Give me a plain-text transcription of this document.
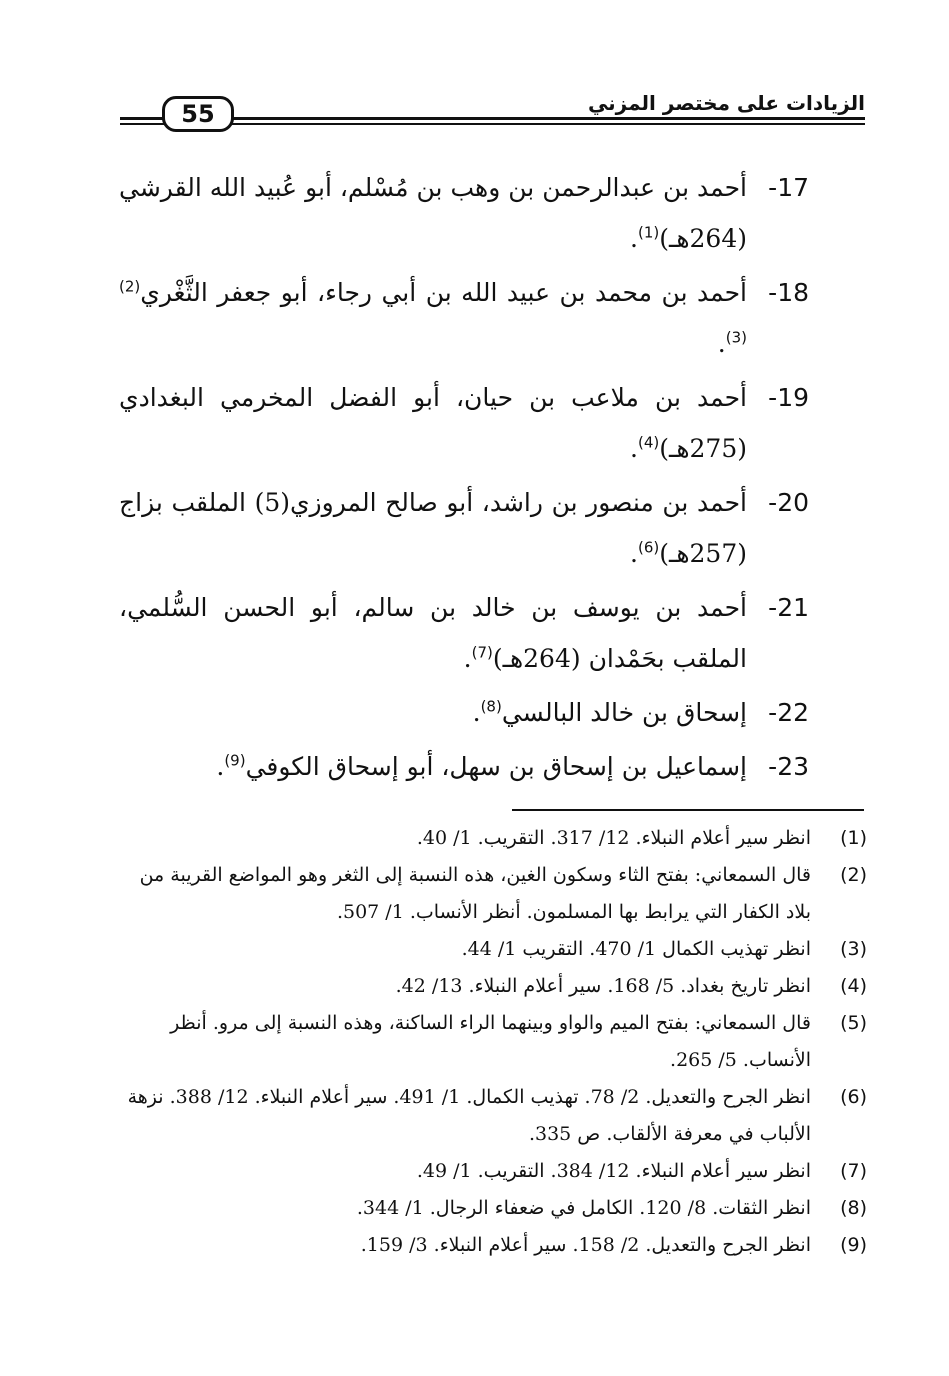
55	الزيادات على مختصر المزني
17-
أحمد بن عبدالرحمن بن وهب بن مُسْلم، أبو عُبيد الله القرشي (264هـ)$^{(1)}$.
18-
أحمد بن محمد بن عبيد الله بن أبي رجاء، أبو جعفر الثَّغْري$^{(2)(3)}$.
19-
أحمد بن ملاعب بن حيان، أبو الفضل المخرمي البغدادي (275هـ)$^{(4)}$.
20-
أحمد بن منصور بن راشد، أبو صالح المروزي(5) الملقب بزاج (257هـ)$^{(6)}$.
21-
أحمد بن يوسف بن خالد بن سالم، أبو الحسن السُّلمي، الملقب بحَمْدان (264هـ)$^{(7)}$.
22-
إسحاق بن خالد البالسي$^{(8)}$.
23-
إسماعيل بن إسحاق بن سهل، أبو إسحاق الكوفي$^{(9)}$.
(1)
انظر سير أعلام النبلاء. 12/ 317. التقريب. 1/ 40.
(2)
قال السمعاني: بفتح الثاء وسكون الغين، هذه النسبة إلى الثغر وهو المواضع القريبة من بلاد الكفار التي يرابط بها المسلمون. أنظر الأنساب. 1/ 507.
(3)
انظر تهذيب الكمال 1/ 470. التقريب 1/ 44.
(4)
انظر تاريخ بغداد. 5/ 168. سير أعلام النبلاء. 13/ 42.
(5)
قال السمعاني: بفتح الميم والواو وبينهما الراء الساكنة، وهذه النسبة إلى مرو. أنظر الأنساب. 5/ 265.
(6)
انظر الجرح والتعديل. 2/ 78. تهذيب الكمال. 1/ 491. سير أعلام النبلاء. 12/ 388. نزهة الألباب في معرفة الألقاب. ص 335.
(7)
انظر سير أعلام النبلاء. 12/ 384. التقريب. 1/ 49.
(8)
انظر الثقات. 8/ 120. الكامل في ضعفاء الرجال. 1/ 344.
(9)
انظر الجرح والتعديل. 2/ 158. سير أعلام النبلاء. 3/ 159.
